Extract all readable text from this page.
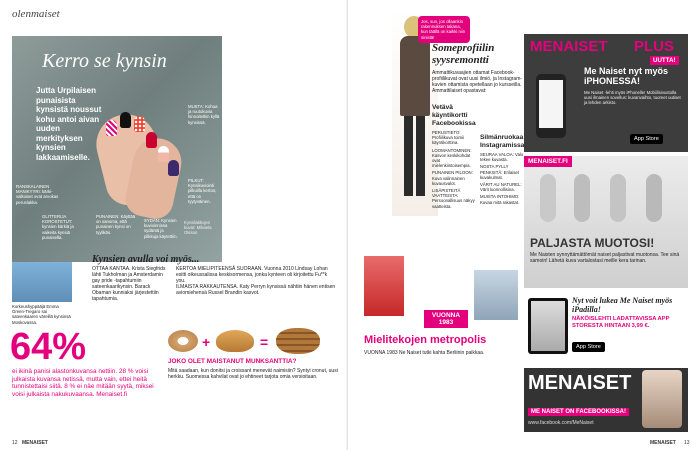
olenmaiset
Kerro se kynsin
Jutta Urpilaisen punaisista kynsistä noussut kohu antoi aivan uuden merkityksen kynsien lakkaamiselle.
RANSKALAINEN MANIKYYRI: kärki-valkoiset ovat arvokas peruslakka.
GLITTERIJA KOROSTETUT: kynsien kärkiä ja vaikeita kynsiä punaisella.
PUNAINEN: Käyttää on sanoma, että punainen kynsi on tyylikäs.
MUSTA: Kohua ja ruutukuvia hinnoiteltiin kyllä kynsissä.
SYDÄN: Kynsien kuvioinnissa sydäntä ja pilkkuja käytettiin.
PILKUT: Kynsikuviointi pilkuilla kertoo, että on tyytyväinen.
Kynsilakkojen kuvat: Mikaela Olsson
Korkeushyppääjä Emma Green-Tregaro sai sateenkaaren väreillä kynsinsä Moskovassa.
Kynsien avulla voi myös...
OTTAA KANTAA. Krista Siegfrids lähti Tukholman ja Amsterdamin gay pride -tapahtumiin sateenkaarikynsin. Barack Obaman kunniaksi järjestettiin tapahtumia.
KERTOA MIELIPITEENSÄ SUORAAN. Vuonna 2010 Lindsay Lohan esitti oikeussalissa keskisormensa, jonka kynteen oli kirjoitettu Fu**k you.
ILMAISTA RAKKAUTENSA. Katy Perryn kynsissä nähtiin hänen entisen aviomiehensä Russel Brandin kasvot.
64%
ei ikinä panisi alastonkuvansa nettiin. 28 % voisi julkaista kuvansa netissä, mutta vain, ettei heitä tunnistettaisi siitä. 8 % ei näe mitään syytä, miksei voisi julkaista nakukuvaansa. Menaiset.fi
+	=
JOKO OLET MAISTANUT MUNKSANTTIA?
Mitä saadaan, kun donitsi ja croissant menevät naimisiin? Syntyi cronut, uusi herkku. Suomessa kahvilat ovat jo ehtineet tarjota omia versioitaan.
12 MENAISET
Jos, sun, jos ollaankin rakennuksen takana, kun täällä on kaikki niin sinistä!
Someprofiilin syysremontti
Ammattikuvaajien ottamat Facebook-profiilikuvat ovat uusi ilmiö, ja Instagram-kuvien ottamista opetellaan jo kursseilla. Ammattilaiset opastavat:
Vetävä käyntikortti Facebookissa
PERUSTIETO: Profiilikuva toimii käyntikorttina.
LOOMANTOMINEN: Kasvon keskikohdat ovat mielenkiintoisempia.
PUNAINEN PILOON: Kuva valinnainen kuvausvalot.
LISÄPISTEITÄ VAATTEISTA: Persoonallisuus näkyy vaatteista.
Silmänruokaa Instagramissa
SEURAA VALOA: Valo tekee kuvasta.
NOSTA PYLLY PENKISTÄ: Erilaiset kuvakulmat.
VÄRIT AU NATUREL: Värit luonnollisina.
MUISTA INTOHIMO: Kuvaa mitä rakastat.
VUONNA 1983
Mielitekojen metropolis
VUONNA 1983 Ne Naiset tutki kahta Berliinin paikkaa.
MENAISET PLUS
UUTTA!
Me Naiset nyt myös iPHONESSA!
Me Naiset -lehti myös iPhonelle! Mobiilisivustolla uusi ilmainen sovellus: kuvanvaihto, tuoreet uutiset ja lehden arkisto.
App Store
MENAISET.FI
PALJASTA MUOTOSI!
Me Naisten synnyttämättömät naiset paljastivat muotonsa. Tee sinä samoin! Lähetä kuva vartalostasi meille kera tarinan.
Nyt voit lukea Me Naiset myös iPadilla!
NÄKÖISLEHTI LADATTAVISSA APP STORESTA HINTAAN 3,99 €.
App Store
MENAISET
ME NAISET ON FACEBOOKISSA!
www.facebook.com/MeNaiset
MENAISET 13
